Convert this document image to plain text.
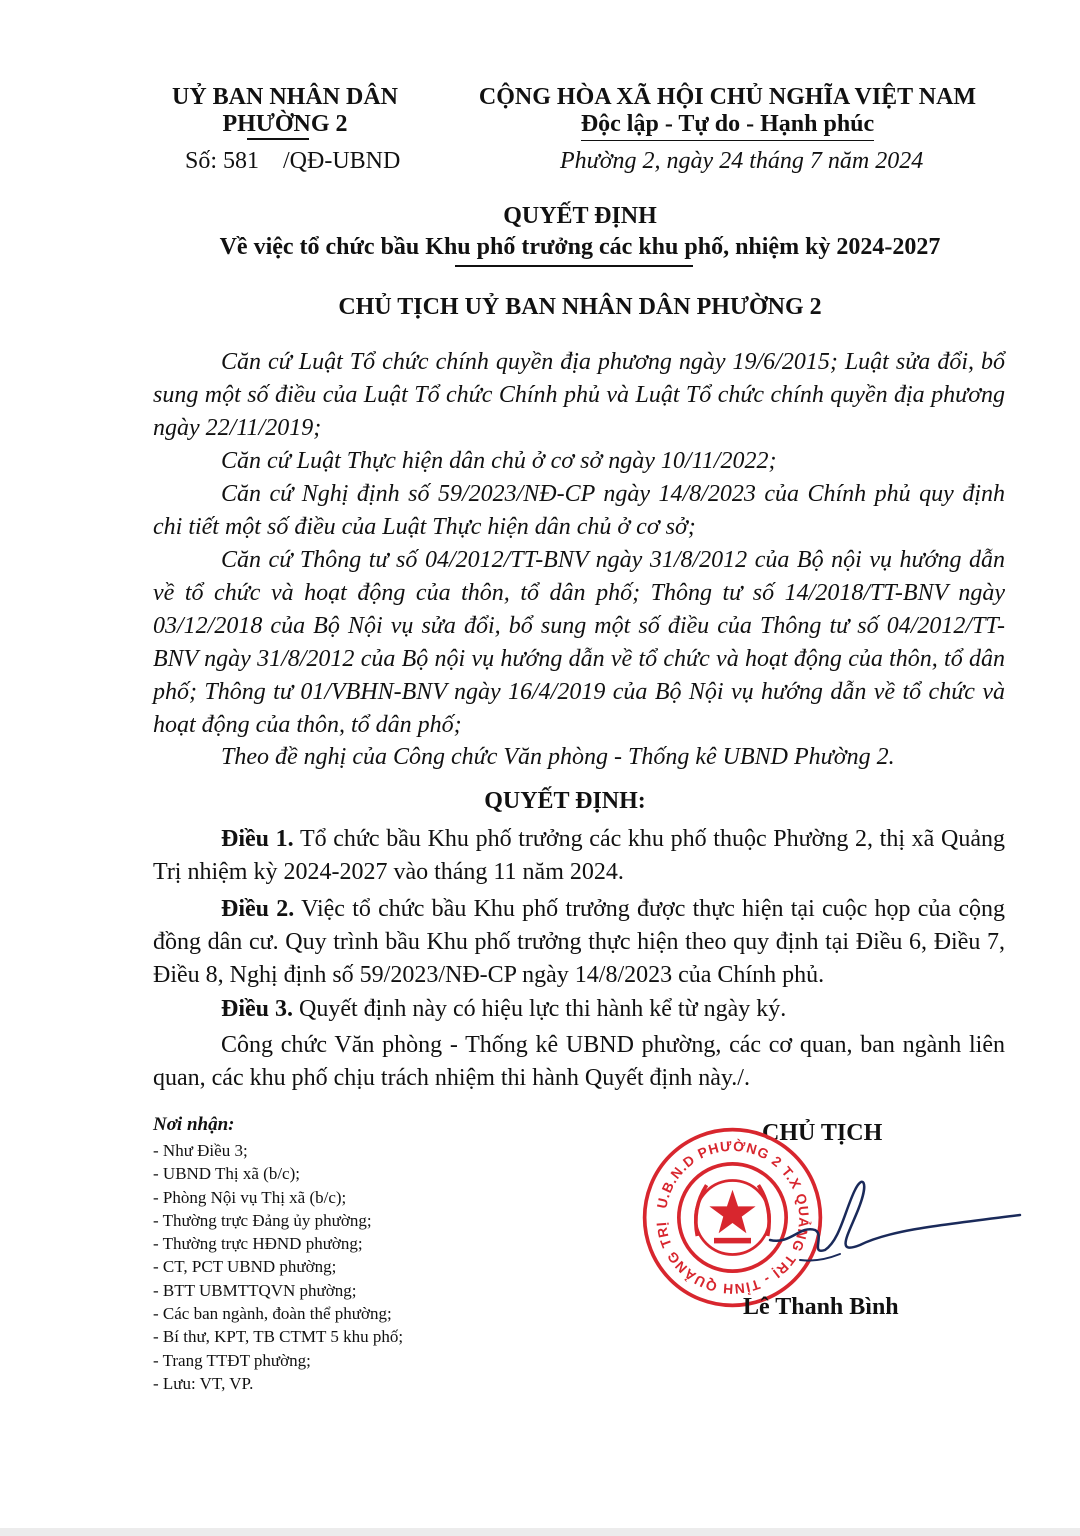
UỶ BAN NHÂN DÂN
PHƯỜNG 2
CỘNG HÒA XÃ HỘI CHỦ NGHĨA VIỆT NAM
Độc lập - Tự do - Hạnh phúc
Số: 581    /QĐ-UBND	Phường 2, ngày 24 tháng 7 năm 2024
QUYẾT ĐỊNH
Về việc tổ chức bầu Khu phố trưởng các khu phố, nhiệm kỳ 2024-2027
CHỦ TỊCH UỶ BAN NHÂN DÂN PHƯỜNG 2
Căn cứ Luật Tổ chức chính quyền địa phương ngày 19/6/2015; Luật sửa đổi, bổ sung một số điều của Luật Tổ chức Chính phủ và Luật Tổ chức chính quyền địa phương ngày 22/11/2019;
Căn cứ Luật Thực hiện dân chủ ở cơ sở ngày 10/11/2022;
Căn cứ Nghị định số 59/2023/NĐ-CP ngày 14/8/2023 của Chính phủ quy định chi tiết một số điều của Luật Thực hiện dân chủ ở cơ sở;
Căn cứ Thông tư số 04/2012/TT-BNV ngày 31/8/2012 của Bộ nội vụ hướng dẫn về tổ chức và hoạt động của thôn, tổ dân phố; Thông tư số 14/2018/TT-BNV ngày 03/12/2018 của Bộ Nội vụ sửa đổi, bổ sung một số điều của Thông tư số 04/2012/TT-BNV ngày 31/8/2012 của Bộ nội vụ hướng dẫn về tổ chức và hoạt động của thôn, tổ dân phố; Thông tư 01/VBHN-BNV ngày 16/4/2019 của Bộ Nội vụ hướng dẫn về tổ chức và hoạt động của thôn, tổ dân phố;
Theo đề nghị của Công chức Văn phòng - Thống kê UBND Phường 2.
QUYẾT ĐỊNH:
Điều 1. Tổ chức bầu Khu phố trưởng các khu phố thuộc Phường 2, thị xã Quảng Trị nhiệm kỳ 2024-2027 vào tháng 11 năm 2024.
Điều 2. Việc tổ chức bầu Khu phố trưởng được thực hiện tại cuộc họp của cộng đồng dân cư. Quy trình bầu Khu phố trưởng thực hiện theo quy định tại Điều 6, Điều 7, Điều 8, Nghị định số 59/2023/NĐ-CP ngày 14/8/2023 của Chính phủ.
Điều 3. Quyết định này có hiệu lực thi hành kể từ ngày ký.
Công chức Văn phòng - Thống kê UBND phường, các cơ quan, ban ngành liên quan, các khu phố chịu trách nhiệm thi hành Quyết định này./.
Nơi nhận:
- Như Điều 3;
- UBND Thị xã (b/c);
- Phòng Nội vụ Thị xã (b/c);
- Thường trực Đảng ủy phường;
- Thường trực HĐND phường;
- CT, PCT UBND phường;
- BTT UBMTTQVN phường;
- Các ban ngành, đoàn thể phường;
- Bí thư, KPT, TB CTMT 5 khu phố;
- Trang TTĐT phường;
- Lưu: VT, VP.
CHỦ TỊCH
U.B.N.D PHƯỜNG 2 T.X QUẢNG TRỊ - TỈNH QUẢNG TRỊ
Lê Thanh Bình
